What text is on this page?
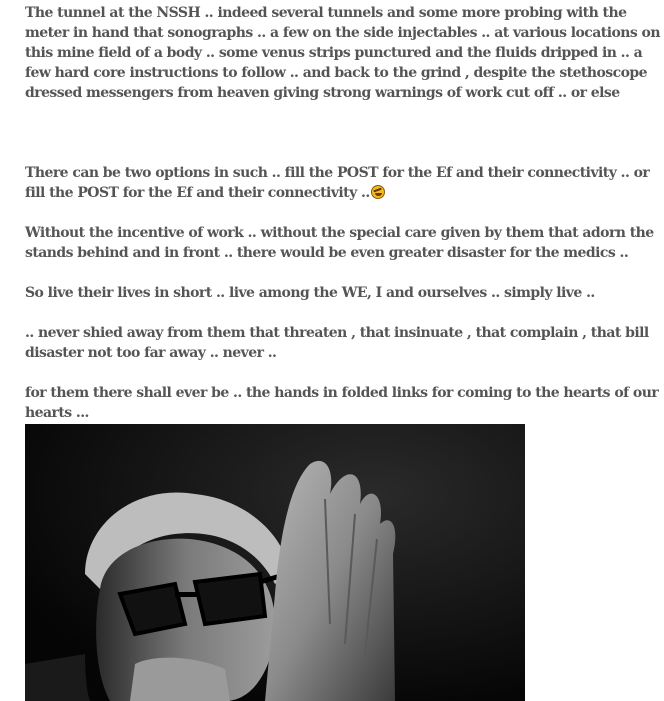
The tunnel at the NSSH .. indeed several tunnels and some more probing with the meter in hand that sonographs .. a few on the side injectables .. at various locations on this mine field of a body .. some venus strips punctured and the fluids dripped in .. a few hard core instructions to follow .. and back to the grind , despite the stethoscope dressed messengers from heaven giving strong warnings of work cut off .. or else

There can be two options in such .. fill the POST for the Ef and their connectivity .. or fill the POST for the Ef and their connectivity ..

Without the incentive of work .. without the special care given by them that adorn the stands behind and in front .. there would be even greater disaster for the medics ..

So live their lives in short .. live among the WE, I and ourselves .. simply live ..

.. never shied away from them that threaten , that insinuate , that complain , that bill disaster not too far away .. never ..

for them there shall ever be .. the hands in folded links for coming to the hearts of our hearts ...
